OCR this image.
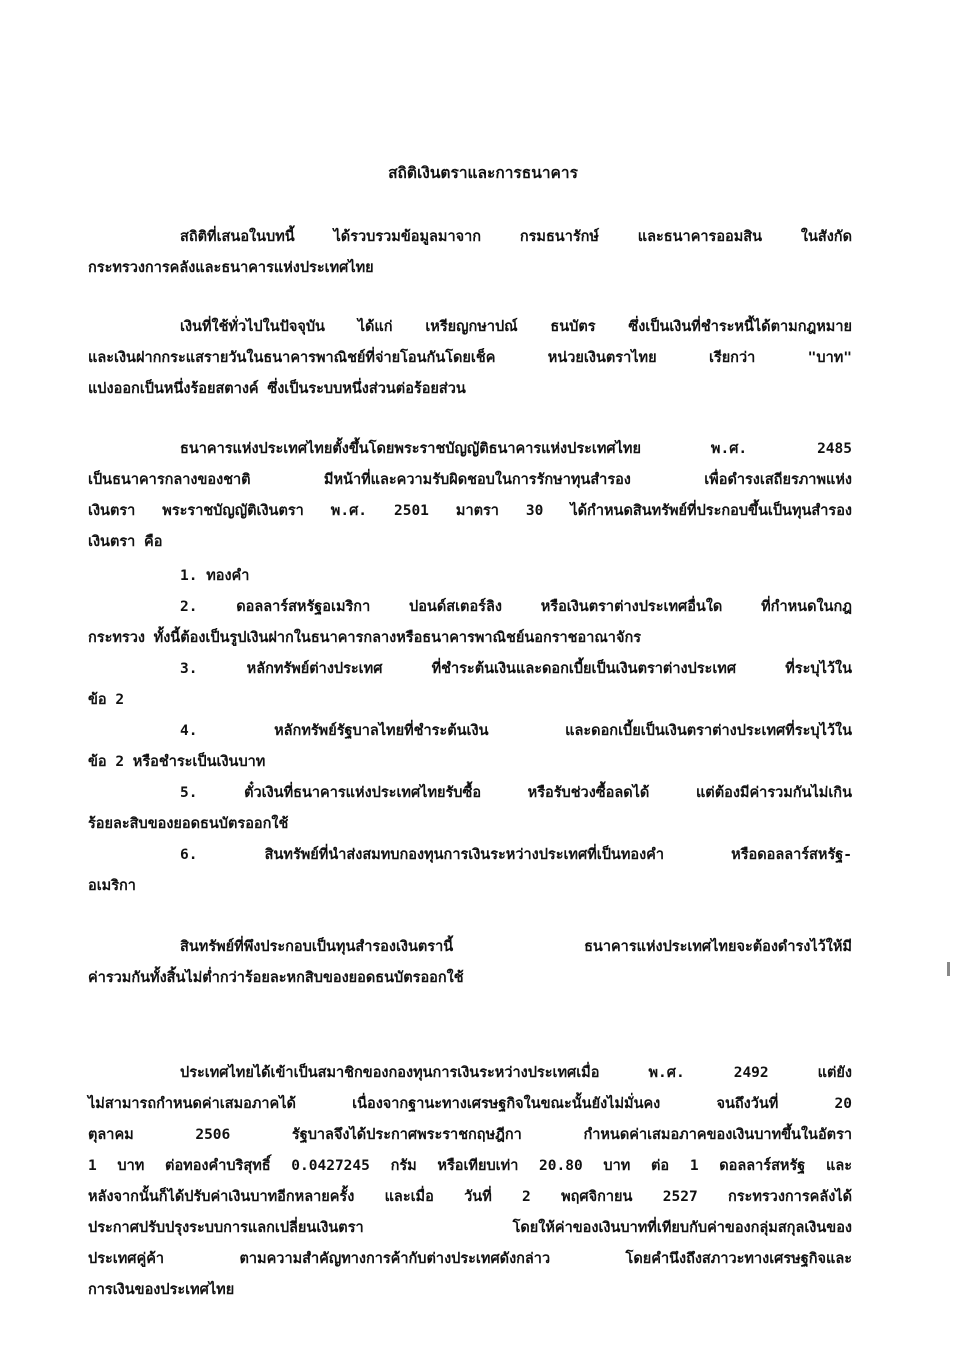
สถิติเงินตราและการธนาคาร
สถิติที่เสนอในบทนี้ ได้รวบรวมข้อมูลมาจาก กรมธนารักษ์ และธนาคารออมสิน ในสังกัด
กระทรวงการคลังและธนาคารแห่งประเทศไทย
เงินที่ใช้ทั่วไปในปัจจุบัน ได้แก่ เหรียญกษาปณ์ ธนบัตร ซึ่งเป็นเงินที่ชำระหนี้ได้ตามกฎหมาย
และเงินฝากกระแสรายวันในธนาคารพาณิชย์ที่จ่ายโอนกันโดยเช็ค หน่วยเงินตราไทย เรียกว่า "บาท"
แบ่งออกเป็นหนึ่งร้อยสตางค์ ซึ่งเป็นระบบหนึ่งส่วนต่อร้อยส่วน
ธนาคารแห่งประเทศไทยตั้งขึ้นโดยพระราชบัญญัติธนาคารแห่งประเทศไทย พ.ศ. 2485
เป็นธนาคารกลางของชาติ มีหน้าที่และความรับผิดชอบในการรักษาทุนสำรอง เพื่อดำรงเสถียรภาพแห่ง
เงินตรา พระราชบัญญัติเงินตรา พ.ศ. 2501 มาตรา 30 ได้กำหนดสินทรัพย์ที่ประกอบขึ้นเป็นทุนสำรอง
เงินตรา คือ
1. ทองคำ
2. ดอลลาร์สหรัฐอเมริกา ปอนด์สเตอร์ลิง หรือเงินตราต่างประเทศอื่นใด ที่กำหนดในกฎ
กระทรวง ทั้งนี้ต้องเป็นรูปเงินฝากในธนาคารกลางหรือธนาคารพาณิชย์นอกราชอาณาจักร
3. หลักทรัพย์ต่างประเทศ ที่ชำระต้นเงินและดอกเบี้ยเป็นเงินตราต่างประเทศ ที่ระบุไว้ใน
ข้อ 2
4. หลักทรัพย์รัฐบาลไทยที่ชำระต้นเงิน และดอกเบี้ยเป็นเงินตราต่างประเทศที่ระบุไว้ใน
ข้อ 2 หรือชำระเป็นเงินบาท
5. ตั๋วเงินที่ธนาคารแห่งประเทศไทยรับซื้อ หรือรับช่วงซื้อลดได้ แต่ต้องมีค่ารวมกันไม่เกิน
ร้อยละสิบของยอดธนบัตรออกใช้
6. สินทรัพย์ที่นำส่งสมทบกองทุนการเงินระหว่างประเทศที่เป็นทองคำ หรือดอลลาร์สหรัฐ-
อเมริกา
สินทรัพย์ที่พึงประกอบเป็นทุนสำรองเงินตรานี้ ธนาคารแห่งประเทศไทยจะต้องดำรงไว้ให้มี
ค่ารวมกันทั้งสิ้นไม่ต่ำกว่าร้อยละหกสิบของยอดธนบัตรออกใช้
ประเทศไทยได้เข้าเป็นสมาชิกของกองทุนการเงินระหว่างประเทศเมื่อ พ.ศ. 2492 แต่ยัง
ไม่สามารถกำหนดค่าเสมอภาคได้ เนื่องจากฐานะทางเศรษฐกิจในขณะนั้นยังไม่มั่นคง จนถึงวันที่ 20
ตุลาคม 2506 รัฐบาลจึงได้ประกาศพระราชกฤษฎีกา กำหนดค่าเสมอภาคของเงินบาทขึ้นในอัตรา
1 บาท ต่อทองคำบริสุทธิ์ 0.0427245 กรัม หรือเทียบเท่า 20.80 บาท ต่อ 1 ดอลลาร์สหรัฐ และ
หลังจากนั้นก็ได้ปรับค่าเงินบาทอีกหลายครั้ง และเมื่อ วันที่ 2 พฤศจิกายน 2527 กระทรวงการคลังได้
ประกาศปรับปรุงระบบการแลกเปลี่ยนเงินตรา โดยให้ค่าของเงินบาทที่เทียบกับค่าของกลุ่มสกุลเงินของ
ประเทศคู่ค้า ตามความสำคัญทางการค้ากับต่างประเทศดังกล่าว โดยคำนึงถึงสภาวะทางเศรษฐกิจและ
การเงินของประเทศไทย
